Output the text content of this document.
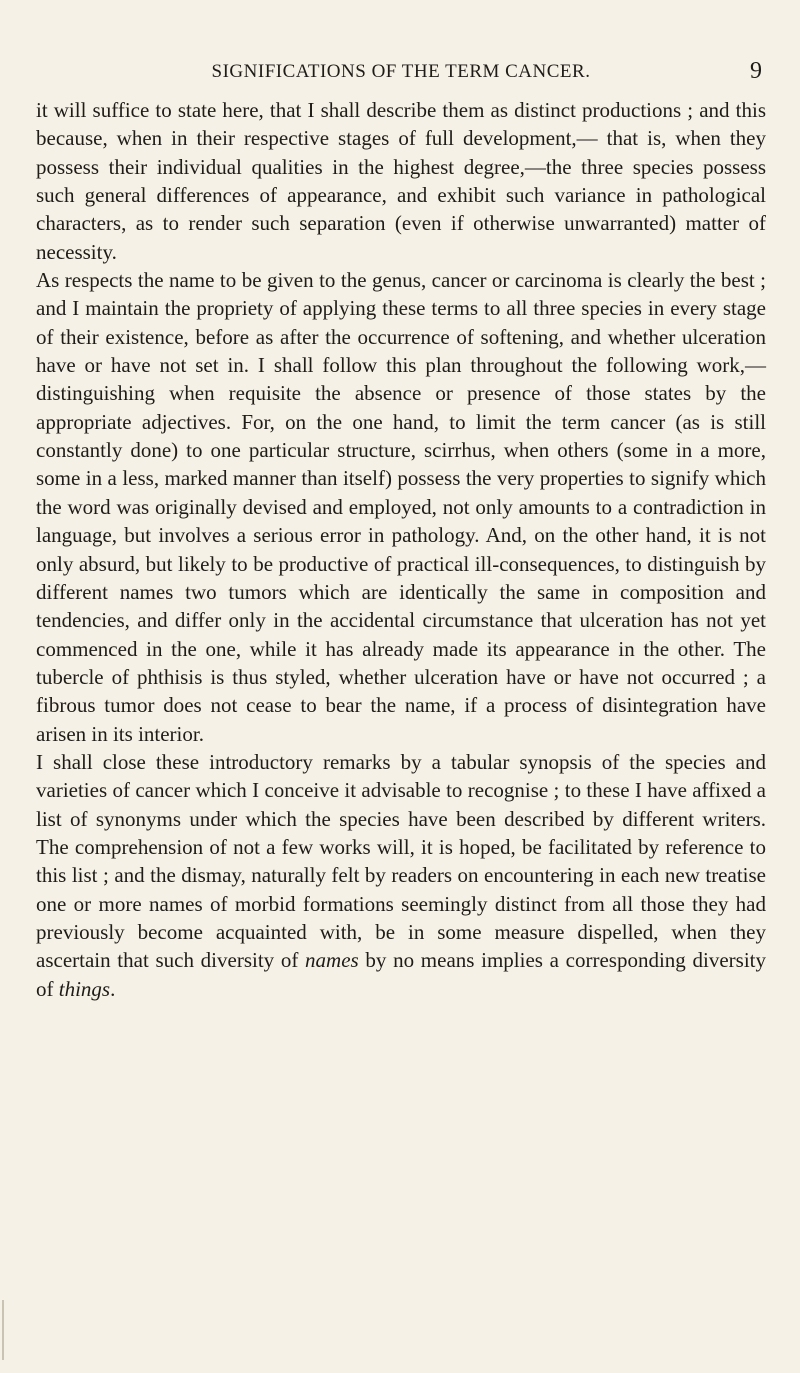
SIGNIFICATIONS OF THE TERM CANCER.	9

it will suffice to state here, that I shall describe them as distinct productions ; and this because, when in their respective stages of full development,— that is, when they possess their individual qualities in the highest degree,—the three species possess such general differences of appearance, and exhibit such variance in pathological characters, as to render such separation (even if otherwise unwarranted) matter of necessity.

As respects the name to be given to the genus, cancer or carcinoma is clearly the best ; and I maintain the propriety of applying these terms to all three species in every stage of their existence, before as after the occurrence of softening, and whether ulceration have or have not set in. I shall follow this plan throughout the following work,—distinguishing when requisite the absence or presence of those states by the appropriate adjectives. For, on the one hand, to limit the term cancer (as is still constantly done) to one particular structure, scirrhus, when others (some in a more, some in a less, marked manner than itself) possess the very properties to signify which the word was originally devised and employed, not only amounts to a contradiction in language, but involves a serious error in pathology. And, on the other hand, it is not only absurd, but likely to be productive of practical ill-consequences, to distinguish by different names two tumors which are identically the same in composition and tendencies, and differ only in the accidental circumstance that ulceration has not yet commenced in the one, while it has already made its appearance in the other. The tubercle of phthisis is thus styled, whether ulceration have or have not occurred ; a fibrous tumor does not cease to bear the name, if a process of disintegration have arisen in its interior.

I shall close these introductory remarks by a tabular synopsis of the species and varieties of cancer which I conceive it advisable to recognise ; to these I have affixed a list of synonyms under which the species have been described by different writers. The comprehension of not a few works will, it is hoped, be facilitated by reference to this list ; and the dismay, naturally felt by readers on encountering in each new treatise one or more names of morbid formations seemingly distinct from all those they had previously become acquainted with, be in some measure dispelled, when they ascertain that such diversity of names by no means implies a corresponding diversity of things.
